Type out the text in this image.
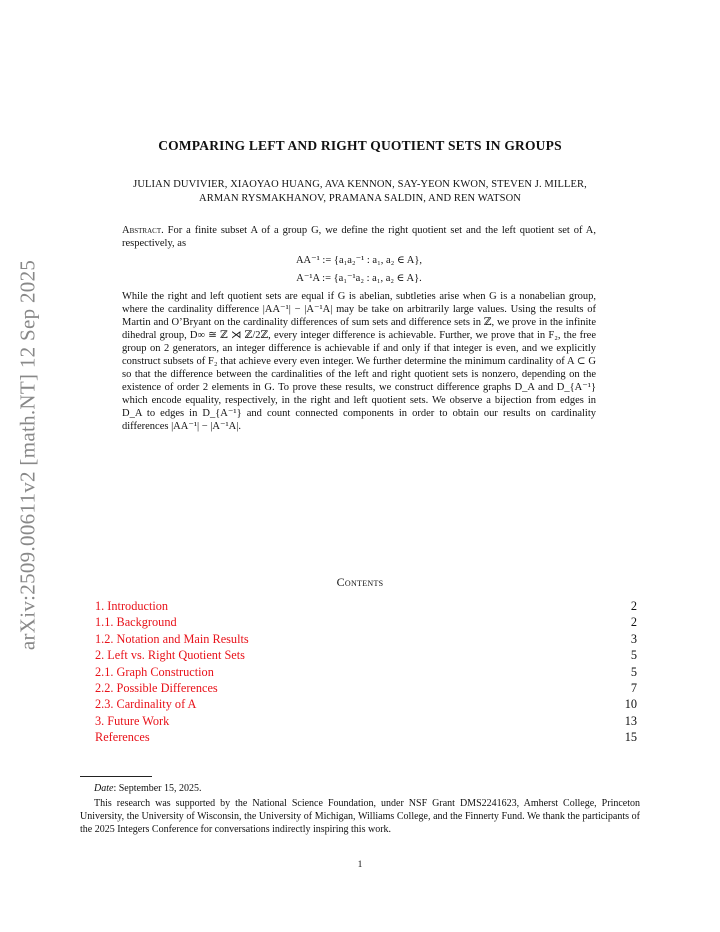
arXiv:2509.00611v2 [math.NT] 12 Sep 2025
COMPARING LEFT AND RIGHT QUOTIENT SETS IN GROUPS
JULIAN DUVIVIER, XIAOYAO HUANG, AVA KENNON, SAY-YEON KWON, STEVEN J. MILLER,
ARMAN RYSMAKHANOV, PRAMANA SALDIN, AND REN WATSON
Abstract. For a finite subset A of a group G, we define the right quotient set and the left quotient set of A, respectively, as
AA⁻¹ := {a₁a₂⁻¹ : a₁, a₂ ∈ A},
A⁻¹A := {a₁⁻¹a₂ : a₁, a₂ ∈ A}.
While the right and left quotient sets are equal if G is abelian, subtleties arise when G is a nonabelian group, where the cardinality difference |AA⁻¹| − |A⁻¹A| may be take on arbitrarily large values. Using the results of Martin and O’Bryant on the cardinality differences of sum sets and difference sets in ℤ, we prove in the infinite dihedral group, D∞ ≅ ℤ ⋊ ℤ/2ℤ, every integer difference is achievable. Further, we prove that in F₂, the free group on 2 generators, an integer difference is achievable if and only if that integer is even, and we explicitly construct subsets of F₂ that achieve every even integer. We further determine the minimum cardinality of A ⊂ G so that the difference between the cardinalities of the left and right quotient sets is nonzero, depending on the existence of order 2 elements in G. To prove these results, we construct difference graphs D_A and D_{A⁻¹} which encode equality, respectively, in the right and left quotient sets. We observe a bijection from edges in D_A to edges in D_{A⁻¹} and count connected components in order to obtain our results on cardinality differences |AA⁻¹| − |A⁻¹A|.
Contents
1. Introduction	2
1.1. Background	2
1.2. Notation and Main Results	3
2. Left vs. Right Quotient Sets	5
2.1. Graph Construction	5
2.2. Possible Differences	7
2.3. Cardinality of A	10
3. Future Work	13
References	15

Date: September 15, 2025.

This research was supported by the National Science Foundation, under NSF Grant DMS2241623, Amherst College, Princeton University, the University of Wisconsin, the University of Michigan, Williams College, and the Finnerty Fund. We thank the participants of the 2025 Integers Conference for conversations indirectly inspiring this work.

1
